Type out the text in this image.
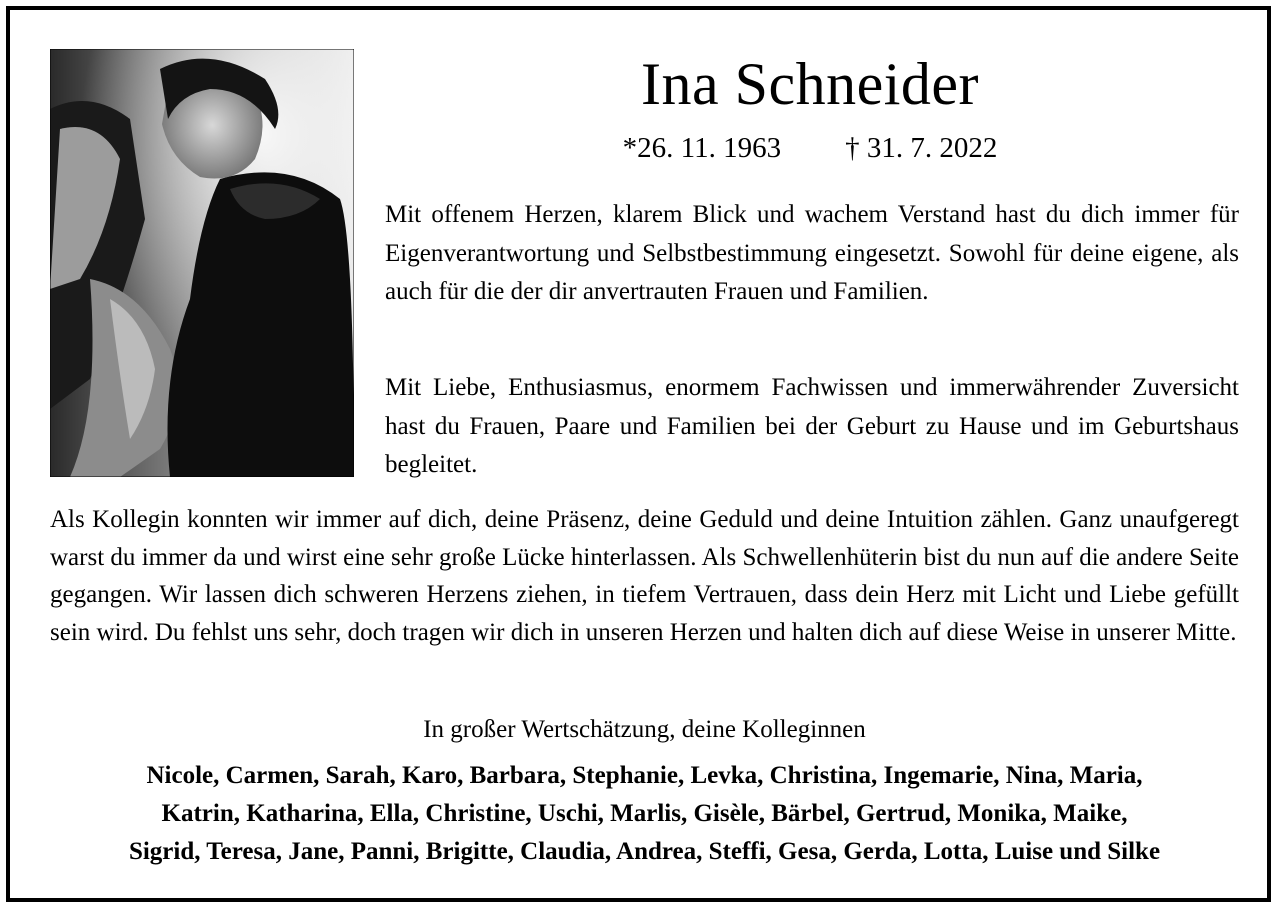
Ina Schneider
*26. 11. 1963 † 31. 7. 2022
Mit offenem Herzen, klarem Blick und wachem Verstand hast du dich immer für Eigenverantwortung und Selbstbestimmung eingesetzt. Sowohl für deine eigene, als auch für die der dir anvertrauten Frauen und Familien.
Mit Liebe, Enthusiasmus, enormem Fachwissen und immerwährender Zuversicht hast du Frauen, Paare und Familien bei der Geburt zu Hause und im Geburtshaus begleitet.
Als Kollegin konnten wir immer auf dich, deine Präsenz, deine Geduld und deine Intuition zählen. Ganz unaufgeregt warst du immer da und wirst eine sehr große Lücke hinterlassen. Als Schwellenhüterin bist du nun auf die andere Seite gegangen. Wir lassen dich schweren Herzens ziehen, in tiefem Vertrauen, dass dein Herz mit Licht und Liebe gefüllt sein wird. Du fehlst uns sehr, doch tragen wir dich in unseren Herzen und halten dich auf diese Weise in unserer Mitte.
In großer Wertschätzung, deine Kolleginnen
Nicole, Carmen, Sarah, Karo, Barbara, Stephanie, Levka, Christina, Ingemarie, Nina, Maria,
Katrin, Katharina, Ella, Christine, Uschi, Marlis, Gisèle, Bärbel, Gertrud, Monika, Maike,
Sigrid, Teresa, Jane, Panni, Brigitte, Claudia, Andrea, Steffi, Gesa, Gerda, Lotta, Luise und Silke
